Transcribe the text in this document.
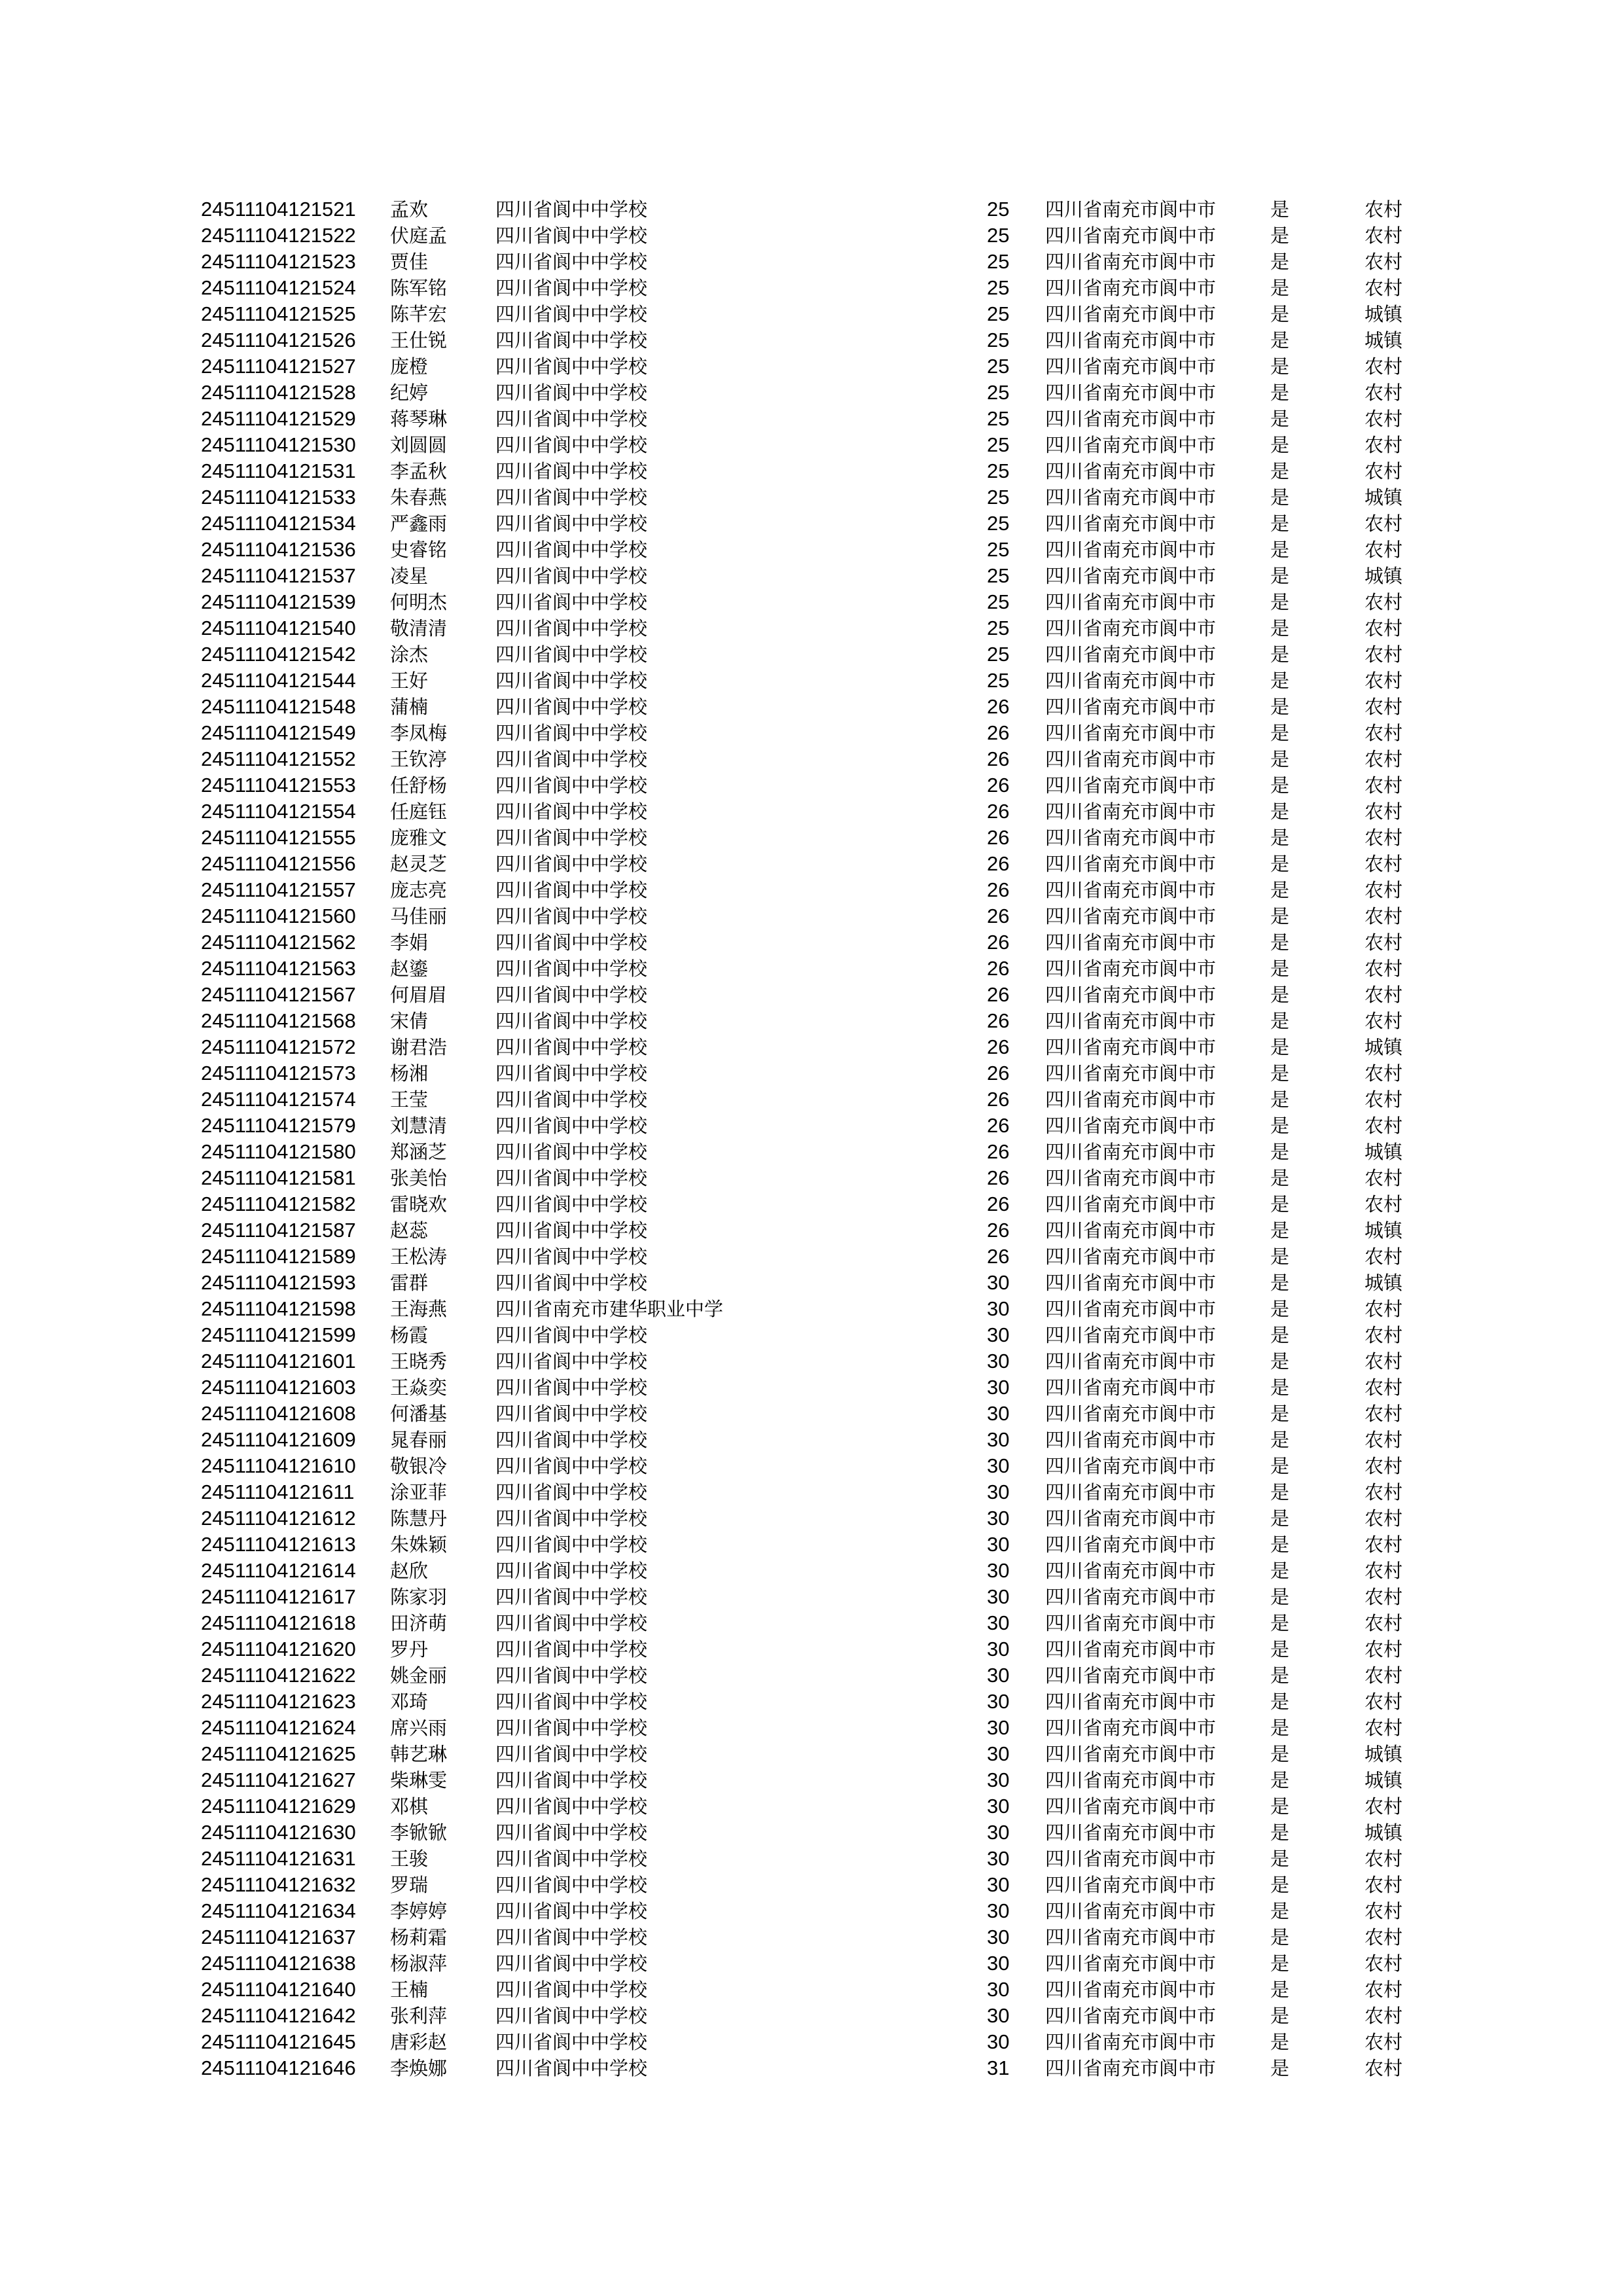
24511104121521 孟欢	四川省阆中中学校	25 四川省南充市阆中市	是	农村
24511104121522 伏庭孟	四川省阆中中学校	25 四川省南充市阆中市	是	农村
24511104121523 贾佳	四川省阆中中学校	25 四川省南充市阆中市	是	农村
24511104121524 陈军铭	四川省阆中中学校	25 四川省南充市阆中市	是	农村
24511104121525 陈芊宏	四川省阆中中学校	25 四川省南充市阆中市	是	城镇
24511104121526 王仕锐	四川省阆中中学校	25 四川省南充市阆中市	是	城镇
24511104121527 庞橙	四川省阆中中学校	25 四川省南充市阆中市	是	农村
24511104121528 纪婷	四川省阆中中学校	25 四川省南充市阆中市	是	农村
24511104121529 蒋琴琳	四川省阆中中学校	25 四川省南充市阆中市	是	农村
24511104121530 刘圆圆	四川省阆中中学校	25 四川省南充市阆中市	是	农村
24511104121531 李孟秋	四川省阆中中学校	25 四川省南充市阆中市	是	农村
24511104121533 朱春燕	四川省阆中中学校	25 四川省南充市阆中市	是	城镇
24511104121534 严鑫雨	四川省阆中中学校	25 四川省南充市阆中市	是	农村
24511104121536 史睿铭	四川省阆中中学校	25 四川省南充市阆中市	是	农村
24511104121537 凌星	四川省阆中中学校	25 四川省南充市阆中市	是	城镇
24511104121539 何明杰	四川省阆中中学校	25 四川省南充市阆中市	是	农村
24511104121540 敬清清	四川省阆中中学校	25 四川省南充市阆中市	是	农村
24511104121542 涂杰	四川省阆中中学校	25 四川省南充市阆中市	是	农村
24511104121544 王好	四川省阆中中学校	25 四川省南充市阆中市	是	农村
24511104121548 蒲楠	四川省阆中中学校	26 四川省南充市阆中市	是	农村
24511104121549 李凤梅	四川省阆中中学校	26 四川省南充市阆中市	是	农村
24511104121552 王钦渟	四川省阆中中学校	26 四川省南充市阆中市	是	农村
24511104121553 任舒杨	四川省阆中中学校	26 四川省南充市阆中市	是	农村
24511104121554 任庭钰	四川省阆中中学校	26 四川省南充市阆中市	是	农村
24511104121555 庞雅文	四川省阆中中学校	26 四川省南充市阆中市	是	农村
24511104121556 赵灵芝	四川省阆中中学校	26 四川省南充市阆中市	是	农村
24511104121557 庞志亮	四川省阆中中学校	26 四川省南充市阆中市	是	农村
24511104121560 马佳丽	四川省阆中中学校	26 四川省南充市阆中市	是	农村
24511104121562 李娟	四川省阆中中学校	26 四川省南充市阆中市	是	农村
24511104121563 赵鎏	四川省阆中中学校	26 四川省南充市阆中市	是	农村
24511104121567 何眉眉	四川省阆中中学校	26 四川省南充市阆中市	是	农村
24511104121568 宋倩	四川省阆中中学校	26 四川省南充市阆中市	是	农村
24511104121572 谢君浩	四川省阆中中学校	26 四川省南充市阆中市	是	城镇
24511104121573 杨湘	四川省阆中中学校	26 四川省南充市阆中市	是	农村
24511104121574 王莹	四川省阆中中学校	26 四川省南充市阆中市	是	农村
24511104121579 刘慧清	四川省阆中中学校	26 四川省南充市阆中市	是	农村
24511104121580 郑涵芝	四川省阆中中学校	26 四川省南充市阆中市	是	城镇
24511104121581 张美怡	四川省阆中中学校	26 四川省南充市阆中市	是	农村
24511104121582 雷晓欢	四川省阆中中学校	26 四川省南充市阆中市	是	农村
24511104121587 赵蕊	四川省阆中中学校	26 四川省南充市阆中市	是	城镇
24511104121589 王松涛	四川省阆中中学校	26 四川省南充市阆中市	是	农村
24511104121593 雷群	四川省阆中中学校	30 四川省南充市阆中市	是	城镇
24511104121598 王海燕	四川省南充市建华职业中学	30 四川省南充市阆中市	是	农村
24511104121599 杨霞	四川省阆中中学校	30 四川省南充市阆中市	是	农村
24511104121601 王晓秀	四川省阆中中学校	30 四川省南充市阆中市	是	农村
24511104121603 王焱奕	四川省阆中中学校	30 四川省南充市阆中市	是	农村
24511104121608 何潘基	四川省阆中中学校	30 四川省南充市阆中市	是	农村
24511104121609 晁春丽	四川省阆中中学校	30 四川省南充市阆中市	是	农村
24511104121610 敬银冷	四川省阆中中学校	30 四川省南充市阆中市	是	农村
24511104121611 涂亚菲	四川省阆中中学校	30 四川省南充市阆中市	是	农村
24511104121612 陈慧丹	四川省阆中中学校	30 四川省南充市阆中市	是	农村
24511104121613 朱姝颖	四川省阆中中学校	30 四川省南充市阆中市	是	农村
24511104121614 赵欣	四川省阆中中学校	30 四川省南充市阆中市	是	农村
24511104121617 陈家羽	四川省阆中中学校	30 四川省南充市阆中市	是	农村
24511104121618 田济萌	四川省阆中中学校	30 四川省南充市阆中市	是	农村
24511104121620 罗丹	四川省阆中中学校	30 四川省南充市阆中市	是	农村
24511104121622 姚金丽	四川省阆中中学校	30 四川省南充市阆中市	是	农村
24511104121623 邓琦	四川省阆中中学校	30 四川省南充市阆中市	是	农村
24511104121624 席兴雨	四川省阆中中学校	30 四川省南充市阆中市	是	农村
24511104121625 韩艺琳	四川省阆中中学校	30 四川省南充市阆中市	是	城镇
24511104121627 柴琳雯	四川省阆中中学校	30 四川省南充市阆中市	是	城镇
24511104121629 邓棋	四川省阆中中学校	30 四川省南充市阆中市	是	农村
24511104121630 李锨锨	四川省阆中中学校	30 四川省南充市阆中市	是	城镇
24511104121631 王骏	四川省阆中中学校	30 四川省南充市阆中市	是	农村
24511104121632 罗瑞	四川省阆中中学校	30 四川省南充市阆中市	是	农村
24511104121634 李婷婷	四川省阆中中学校	30 四川省南充市阆中市	是	农村
24511104121637 杨莉霜	四川省阆中中学校	30 四川省南充市阆中市	是	农村
24511104121638 杨淑萍	四川省阆中中学校	30 四川省南充市阆中市	是	农村
24511104121640 王楠	四川省阆中中学校	30 四川省南充市阆中市	是	农村
24511104121642 张利萍	四川省阆中中学校	30 四川省南充市阆中市	是	农村
24511104121645 唐彩赵	四川省阆中中学校	30 四川省南充市阆中市	是	农村
24511104121646 李焕娜	四川省阆中中学校	31 四川省南充市阆中市	是	农村
